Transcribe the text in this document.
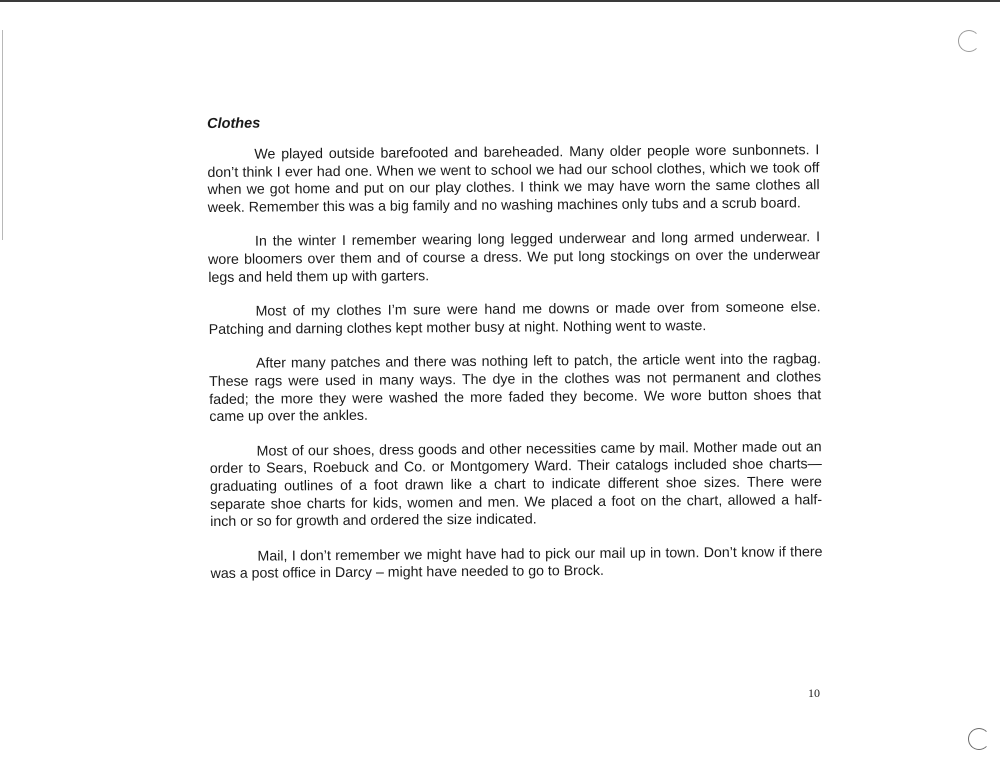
Clothes

We played outside barefooted and bareheaded. Many older people wore sunbonnets. I don’t think I ever had one. When we went to school we had our school clothes, which we took off when we got home and put on our play clothes. I think we may have worn the same clothes all week. Remember this was a big family and no washing machines only tubs and a scrub board.

In the winter I remember wearing long legged underwear and long armed underwear. I wore bloomers over them and of course a dress. We put long stockings on over the underwear legs and held them up with garters.

Most of my clothes I’m sure were hand me downs or made over from someone else. Patching and darning clothes kept mother busy at night. Nothing went to waste.

After many patches and there was nothing left to patch, the article went into the ragbag. These rags were used in many ways. The dye in the clothes was not permanent and clothes faded; the more they were washed the more faded they become. We wore button shoes that came up over the ankles.

Most of our shoes, dress goods and other necessities came by mail. Mother made out an order to Sears, Roebuck and Co. or Montgomery Ward. Their catalogs included shoe charts—graduating outlines of a foot drawn like a chart to indicate different shoe sizes. There were separate shoe charts for kids, women and men. We placed a foot on the chart, allowed a half-inch or so for growth and ordered the size indicated.

Mail, I don’t remember we might have had to pick our mail up in town. Don’t know if there was a post office in Darcy – might have needed to go to Brock.

10
